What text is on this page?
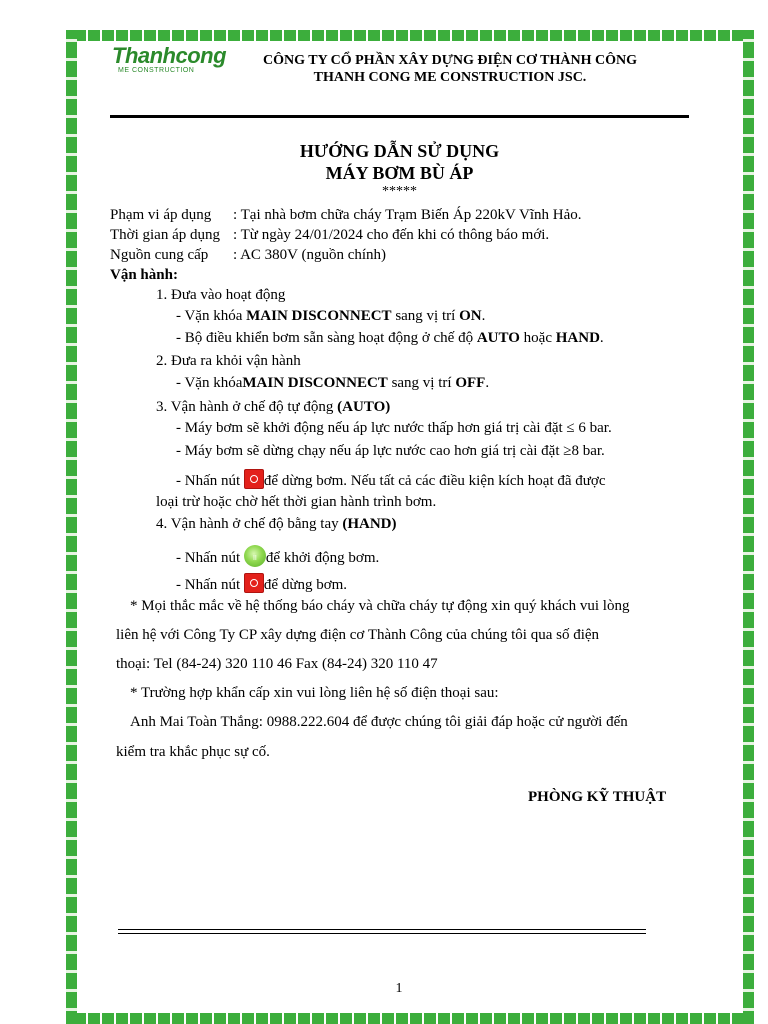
Thanhcong
ME CONSTRUCTION
CÔNG TY CỔ PHẦN XÂY DỰNG ĐIỆN CƠ THÀNH CÔNG
THANH CONG ME CONSTRUCTION JSC.
HƯỚNG DẪN SỬ DỤNG
MÁY BƠM BÙ ÁP
*****
Phạm vi áp dụng : Tại nhà bơm chữa cháy Trạm Biến Áp 220kV Vĩnh Hảo.
Thời gian áp dụng : Từ ngày 24/01/2024 cho đến khi có thông báo mới.
Nguồn cung cấp : AC 380V (nguồn chính)
Vận hành:
1. Đưa vào hoạt động
- Vặn khóa MAIN DISCONNECT sang vị trí ON.
- Bộ điều khiển bơm sẵn sàng hoạt động ở chế độ AUTO hoặc HAND.
2. Đưa ra khỏi vận hành
- Vặn khóaMAIN DISCONNECT sang vị trí OFF.
3. Vận hành ở chế độ tự động (AUTO)
- Máy bơm sẽ khởi động nếu áp lực nước thấp hơn giá trị cài đặt ≤ 6 bar.
- Máy bơm sẽ dừng chạy nếu áp lực nước cao hơn giá trị cài đặt ≥8 bar.
- Nhấn nút để dừng bơm. Nếu tất cả các điều kiện kích hoạt đã được
loại trừ hoặc chờ hết thời gian hành trình bơm.
4. Vận hành ở chế độ bằng tay (HAND)
- Nhấn nút IIđể khởi động bơm.
- Nhấn nút để dừng bơm.
* Mọi thắc mắc về hệ thống báo cháy và chữa cháy tự động xin quý khách vui lòng
liên hệ với Công Ty CP xây dựng điện cơ Thành Công của chúng tôi qua số điện
thoại: Tel (84-24) 320 110 46 Fax (84-24) 320 110 47
* Trường hợp khẩn cấp xin vui lòng liên hệ số điện thoại sau:
Anh Mai Toàn Thắng: 0988.222.604 để được chúng tôi giải đáp hoặc cử người đến
kiểm tra khắc phục sự cố.
PHÒNG KỸ THUẬT
1
